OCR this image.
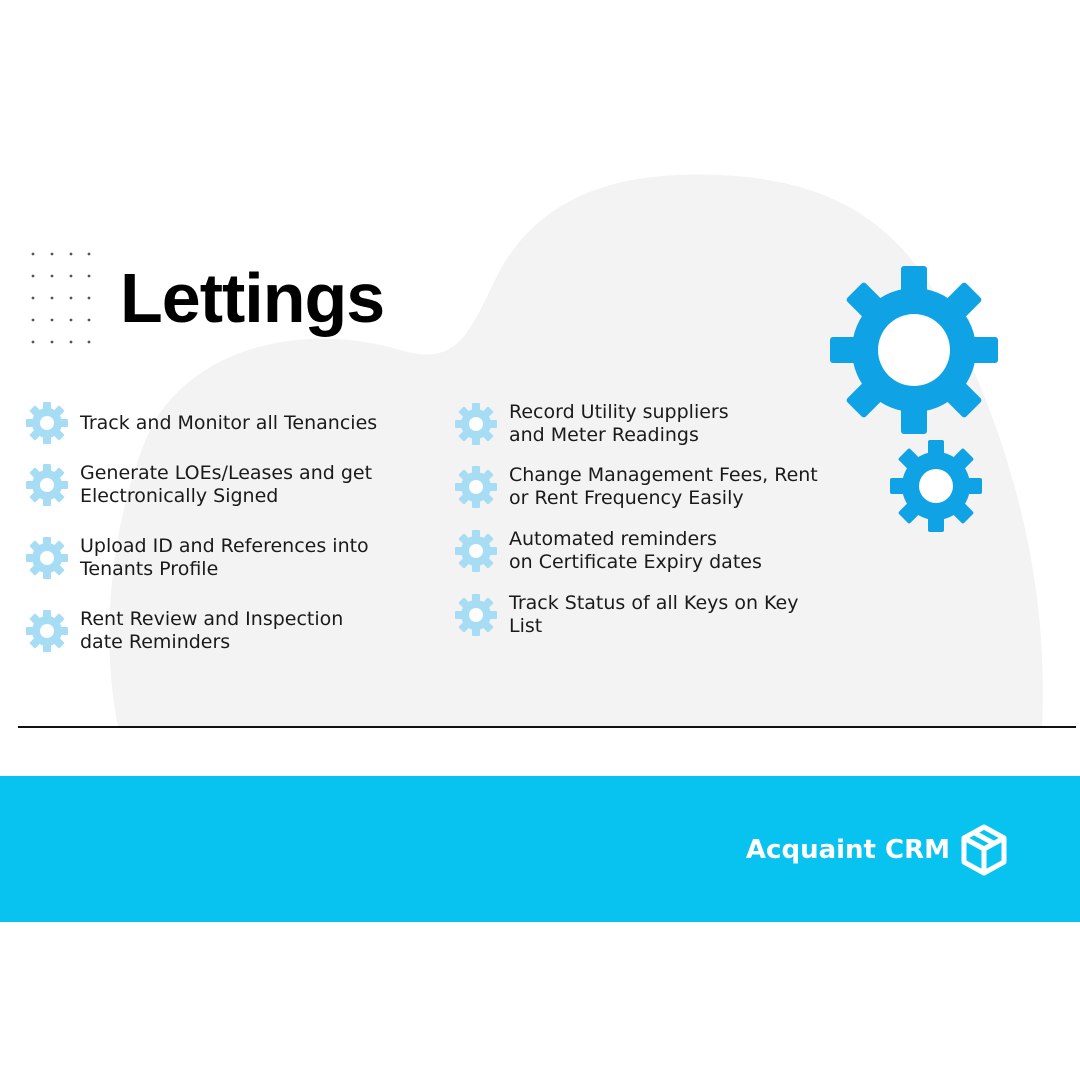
Lettings
Track and Monitor all Tenancies
Generate LOEs/Leases and get
Electronically Signed
Upload ID and References into
Tenants Profile
Rent Review and Inspection
date Reminders
Record Utility suppliers
and Meter Readings
Change Management Fees, Rent
or Rent Frequency Easily
Automated reminders
on Certificate Expiry dates
Track Status of all Keys on Key
List
Acquaint CRM
